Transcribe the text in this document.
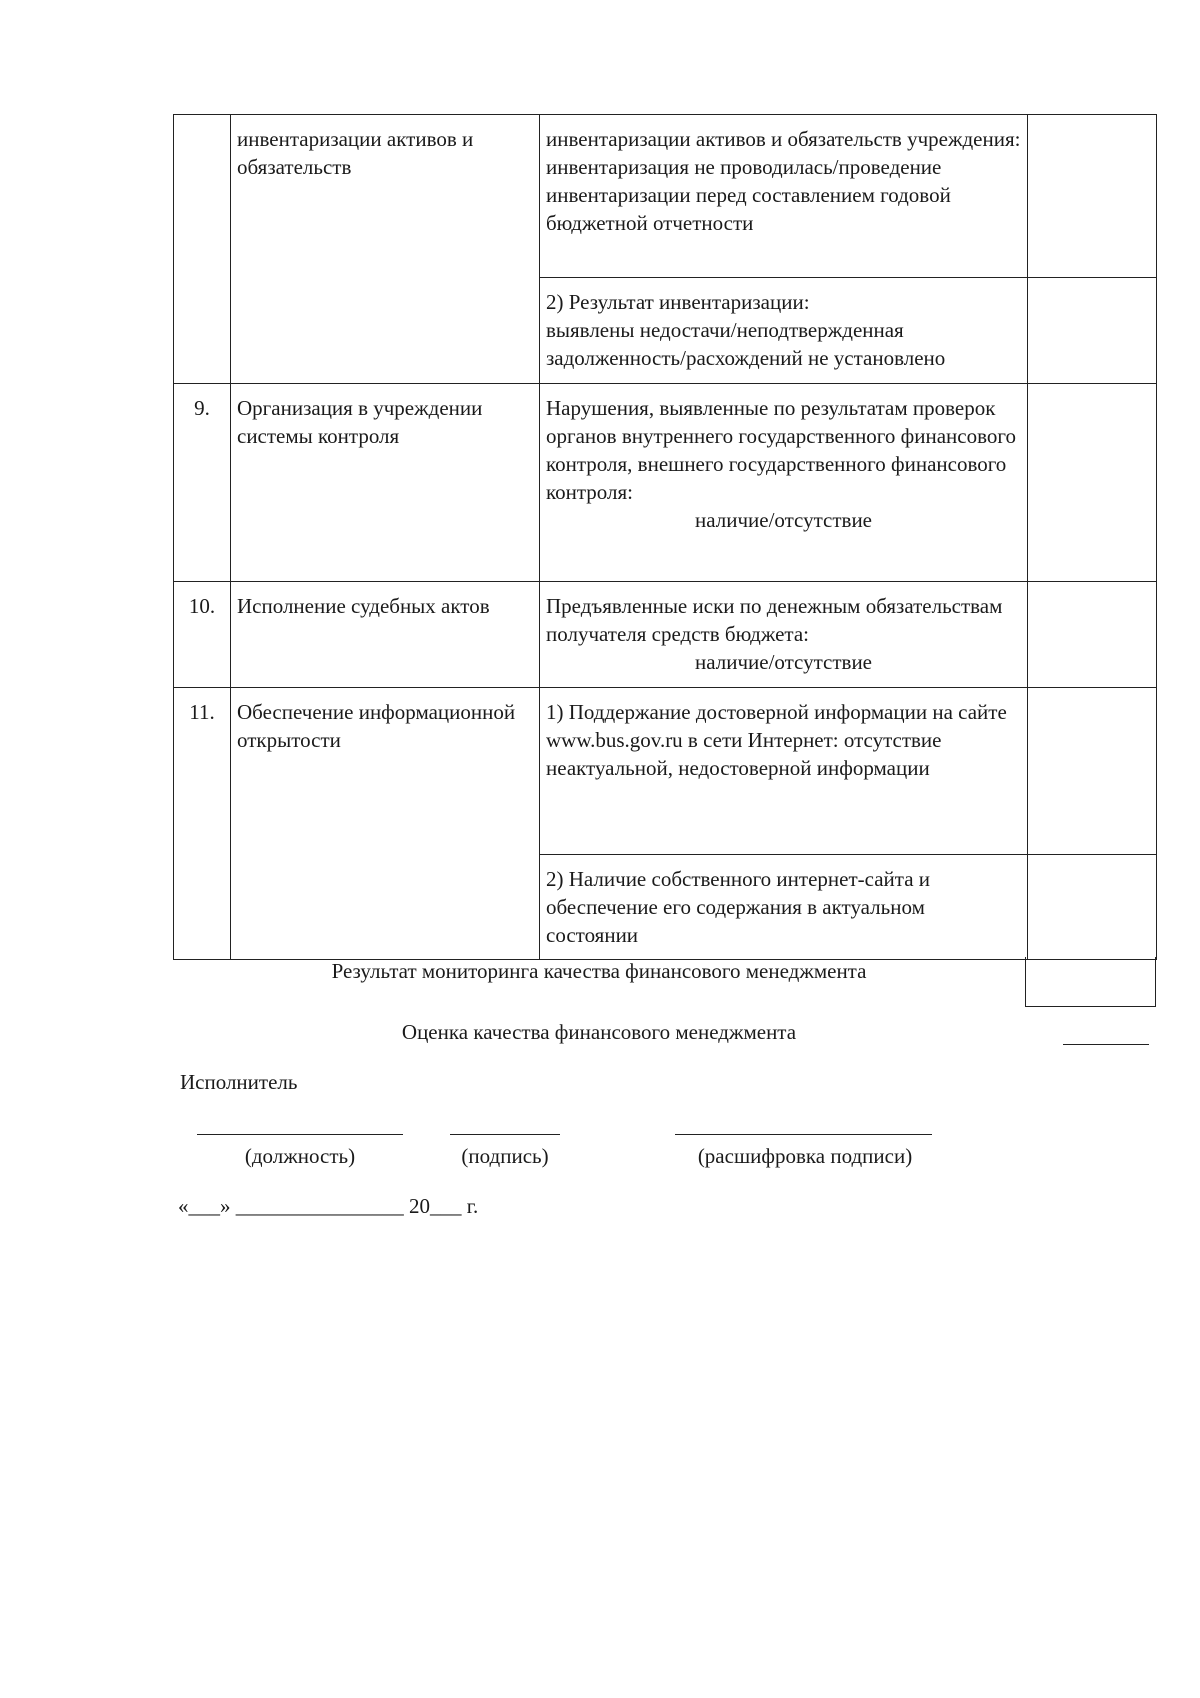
	инвентаризации активов и обязательств	инвентаризации активов и обязательств учреждения:
инвентаризация не проводилась/проведение инвентаризации перед составлением годовой бюджетной отчетности	
		2) Результат инвентаризации:
выявлены недостачи/неподтвержденная задолженность/расхождений не установлено	
9.	Организация в учреждении системы контроля	Нарушения, выявленные по результатам проверок органов внутреннего государственного финансового контроля, внешнего государственного финансового контроля:
наличие/отсутствие	

10.	Исполнение судебных актов	Предъявленные иски по денежным обязательствам получателя средств бюджета:
наличие/отсутствие	

11.	Обеспечение информационной открытости	1) Поддержание достоверной информации на сайте www.bus.gov.ru в сети Интернет: отсутствие неактуальной, недостоверной информации	
		2) Наличие собственного интернет-сайта и обеспечение его содержания в актуальном состоянии	
Результат мониторинга качества финансового менеджмента
Оценка качества финансового менеджмента
Исполнитель
(должность)	(подпись)	(расшифровка подписи)
«___» ________________ 20___ г.
